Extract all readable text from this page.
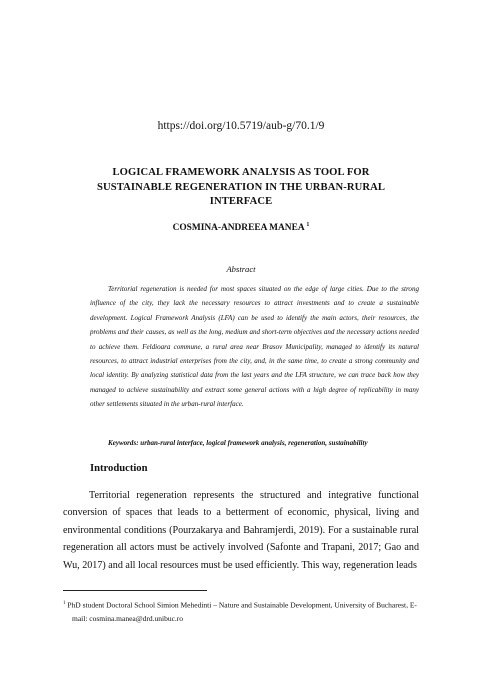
https://doi.org/10.5719/aub-g/70.1/9
LOGICAL FRAMEWORK ANALYSIS AS TOOL FOR SUSTAINABLE REGENERATION IN THE URBAN-RURAL INTERFACE
COSMINA-ANDREEA MANEA $^1$
Abstract

Territorial regeneration is needed for most spaces situated on the edge of large cities. Due to the strong influence of the city, they lack the necessary resources to attract investments and to create a sustainable development. Logical Framework Analysis (LFA) can be used to identify the main actors, their resources, the problems and their causes, as well as the long, medium and short-term objectives and the necessary actions needed to achieve them. Feldioara commune, a rural area near Brasov Municipality, managed to identify its natural resources, to attract industrial enterprises from the city, and, in the same time, to create a strong community and local identity. By analyzing statistical data from the last years and the LFA structure, we can trace back how they managed to achieve sustainability and extract some general actions with a high degree of replicability in many other settlements situated in the urban-rural interface.

Keywords: urban-rural interface, logical framework analysis, regeneration, sustainability

Introduction

Territorial regeneration represents the structured and integrative functional conversion of spaces that leads to a betterment of economic, physical, living and environmental conditions (Pourzakarya and Bahramjerdi, 2019). For a sustainable rural regeneration all actors must be actively involved (Safonte and Trapani, 2017; Gao and Wu, 2017) and all local resources must be used efficiently. This way, regeneration leads

$^1$ PhD student Doctoral School Simion Mehedinti – Nature and Sustainable Development, University of Bucharest, E-mail: cosmina.manea@drd.unibuc.ro
